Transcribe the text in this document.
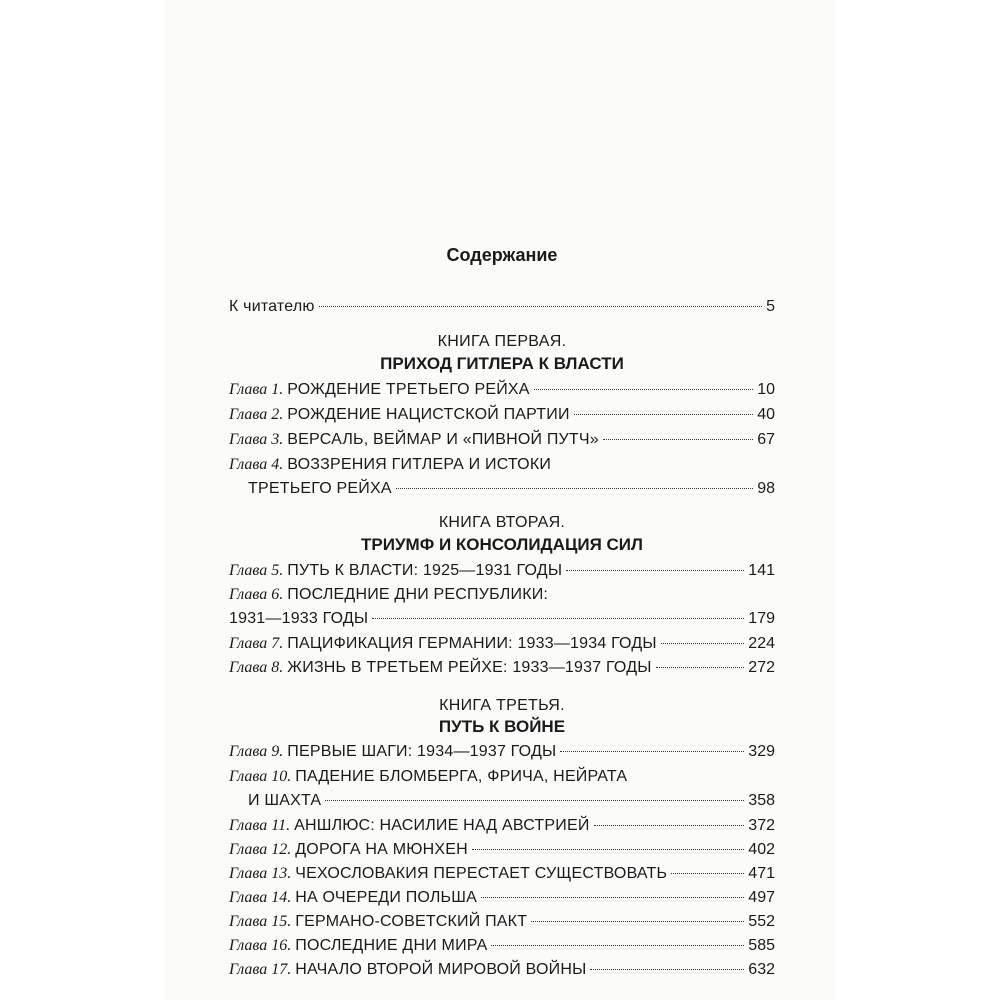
Содержание
К читателю	5
КНИГА ПЕРВАЯ.
ПРИХОД ГИТЛЕРА К ВЛАСТИ
Глава 1. РОЖДЕНИЕ ТРЕТЬЕГО РЕЙХА	10
Глава 2. РОЖДЕНИЕ НАЦИСТСКОЙ ПАРТИИ	40
Глава 3. ВЕРСАЛЬ, ВЕЙМАР И «ПИВНОЙ ПУТЧ»	67
Глава 4. ВОЗЗРЕНИЯ ГИТЛЕРА И ИСТОКИ
ТРЕТЬЕГО РЕЙХА	98
КНИГА ВТОРАЯ.
ТРИУМФ И КОНСОЛИДАЦИЯ СИЛ
Глава 5. ПУТЬ К ВЛАСТИ: 1925—1931 ГОДЫ	141
Глава 6. ПОСЛЕДНИЕ ДНИ РЕСПУБЛИКИ:
1931—1933 ГОДЫ	179
Глава 7. ПАЦИФИКАЦИЯ ГЕРМАНИИ: 1933—1934 ГОДЫ	224
Глава 8. ЖИЗНЬ В ТРЕТЬЕМ РЕЙХЕ: 1933—1937 ГОДЫ	272
КНИГА ТРЕТЬЯ.
ПУТЬ К ВОЙНЕ
Глава 9. ПЕРВЫЕ ШАГИ: 1934—1937 ГОДЫ	329
Глава 10. ПАДЕНИЕ БЛОМБЕРГА, ФРИЧА, НЕЙРАТА
И ШАХТА	358
Глава 11. АНШЛЮС: НАСИЛИЕ НАД АВСТРИЕЙ	372
Глава 12. ДОРОГА НА МЮНХЕН	402
Глава 13. ЧЕХОСЛОВАКИЯ ПЕРЕСТАЕТ СУЩЕСТВОВАТЬ	471
Глава 14. НА ОЧЕРЕДИ ПОЛЬША	497
Глава 15. ГЕРМАНО-СОВЕТСКИЙ ПАКТ	552
Глава 16. ПОСЛЕДНИЕ ДНИ МИРА	585
Глава 17. НАЧАЛО ВТОРОЙ МИРОВОЙ ВОЙНЫ	632
